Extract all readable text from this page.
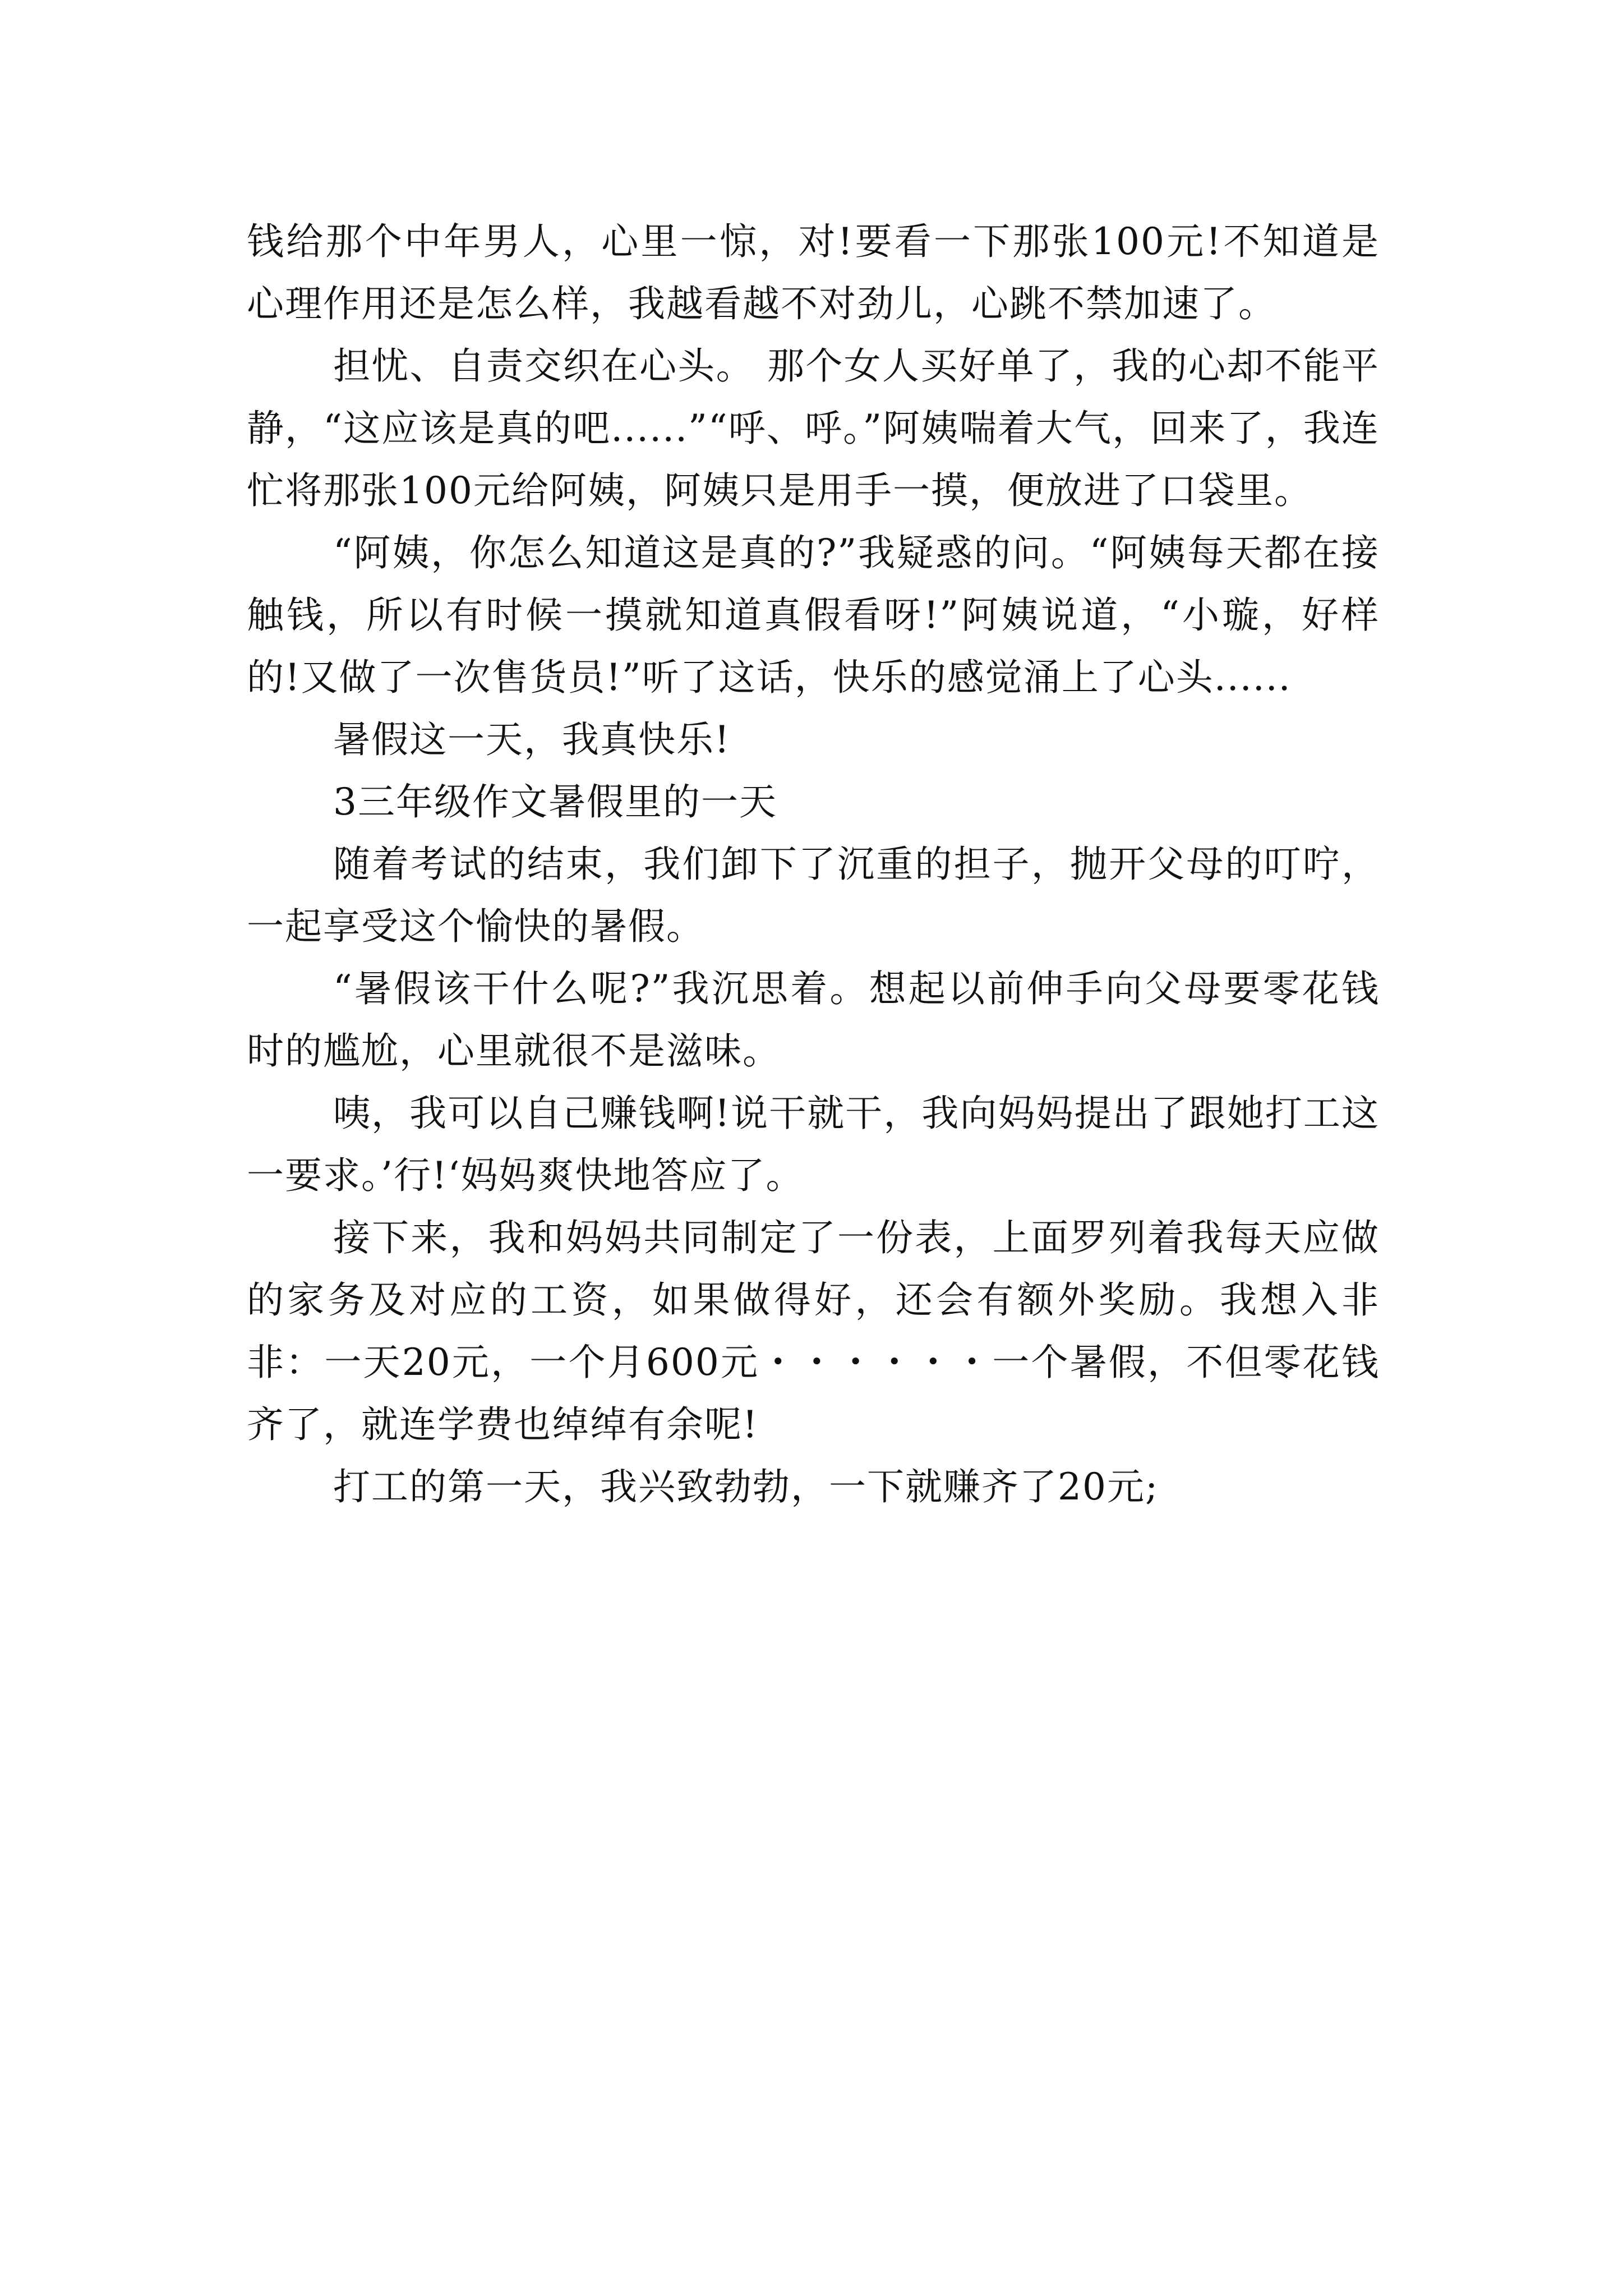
钱给那个中年男人，心里一惊，对!要看一下那张100元!不知道是心理作用还是怎么样，我越看越不对劲儿，心跳不禁加速了。

担忧、自责交织在心头。 那个女人买好单了，我的心却不能平静，“这应该是真的吧......”“呼、呼。”阿姨喘着大气，回来了，我连忙将那张100元给阿姨，阿姨只是用手一摸，便放进了口袋里。

“阿姨，你怎么知道这是真的?”我疑惑的问。“阿姨每天都在接触钱，所以有时候一摸就知道真假看呀!”阿姨说道，“小璇，好样的!又做了一次售货员!”听了这话，快乐的感觉涌上了心头......

暑假这一天，我真快乐!

3三年级作文暑假里的一天

随着考试的结束，我们卸下了沉重的担子，抛开父母的叮咛，一起享受这个愉快的暑假。

“暑假该干什么呢?”我沉思着。想起以前伸手向父母要零花钱时的尴尬，心里就很不是滋味。

咦，我可以自己赚钱啊!说干就干，我向妈妈提出了跟她打工这一要求。’行!‘妈妈爽快地答应了。

接下来，我和妈妈共同制定了一份表，上面罗列着我每天应做的家务及对应的工资，如果做得好，还会有额外奖励。我想入非非：一天20元，一个月600元・・・・・・一个暑假，不但零花钱齐了，就连学费也绰绰有余呢!

打工的第一天，我兴致勃勃，一下就赚齐了20元;
